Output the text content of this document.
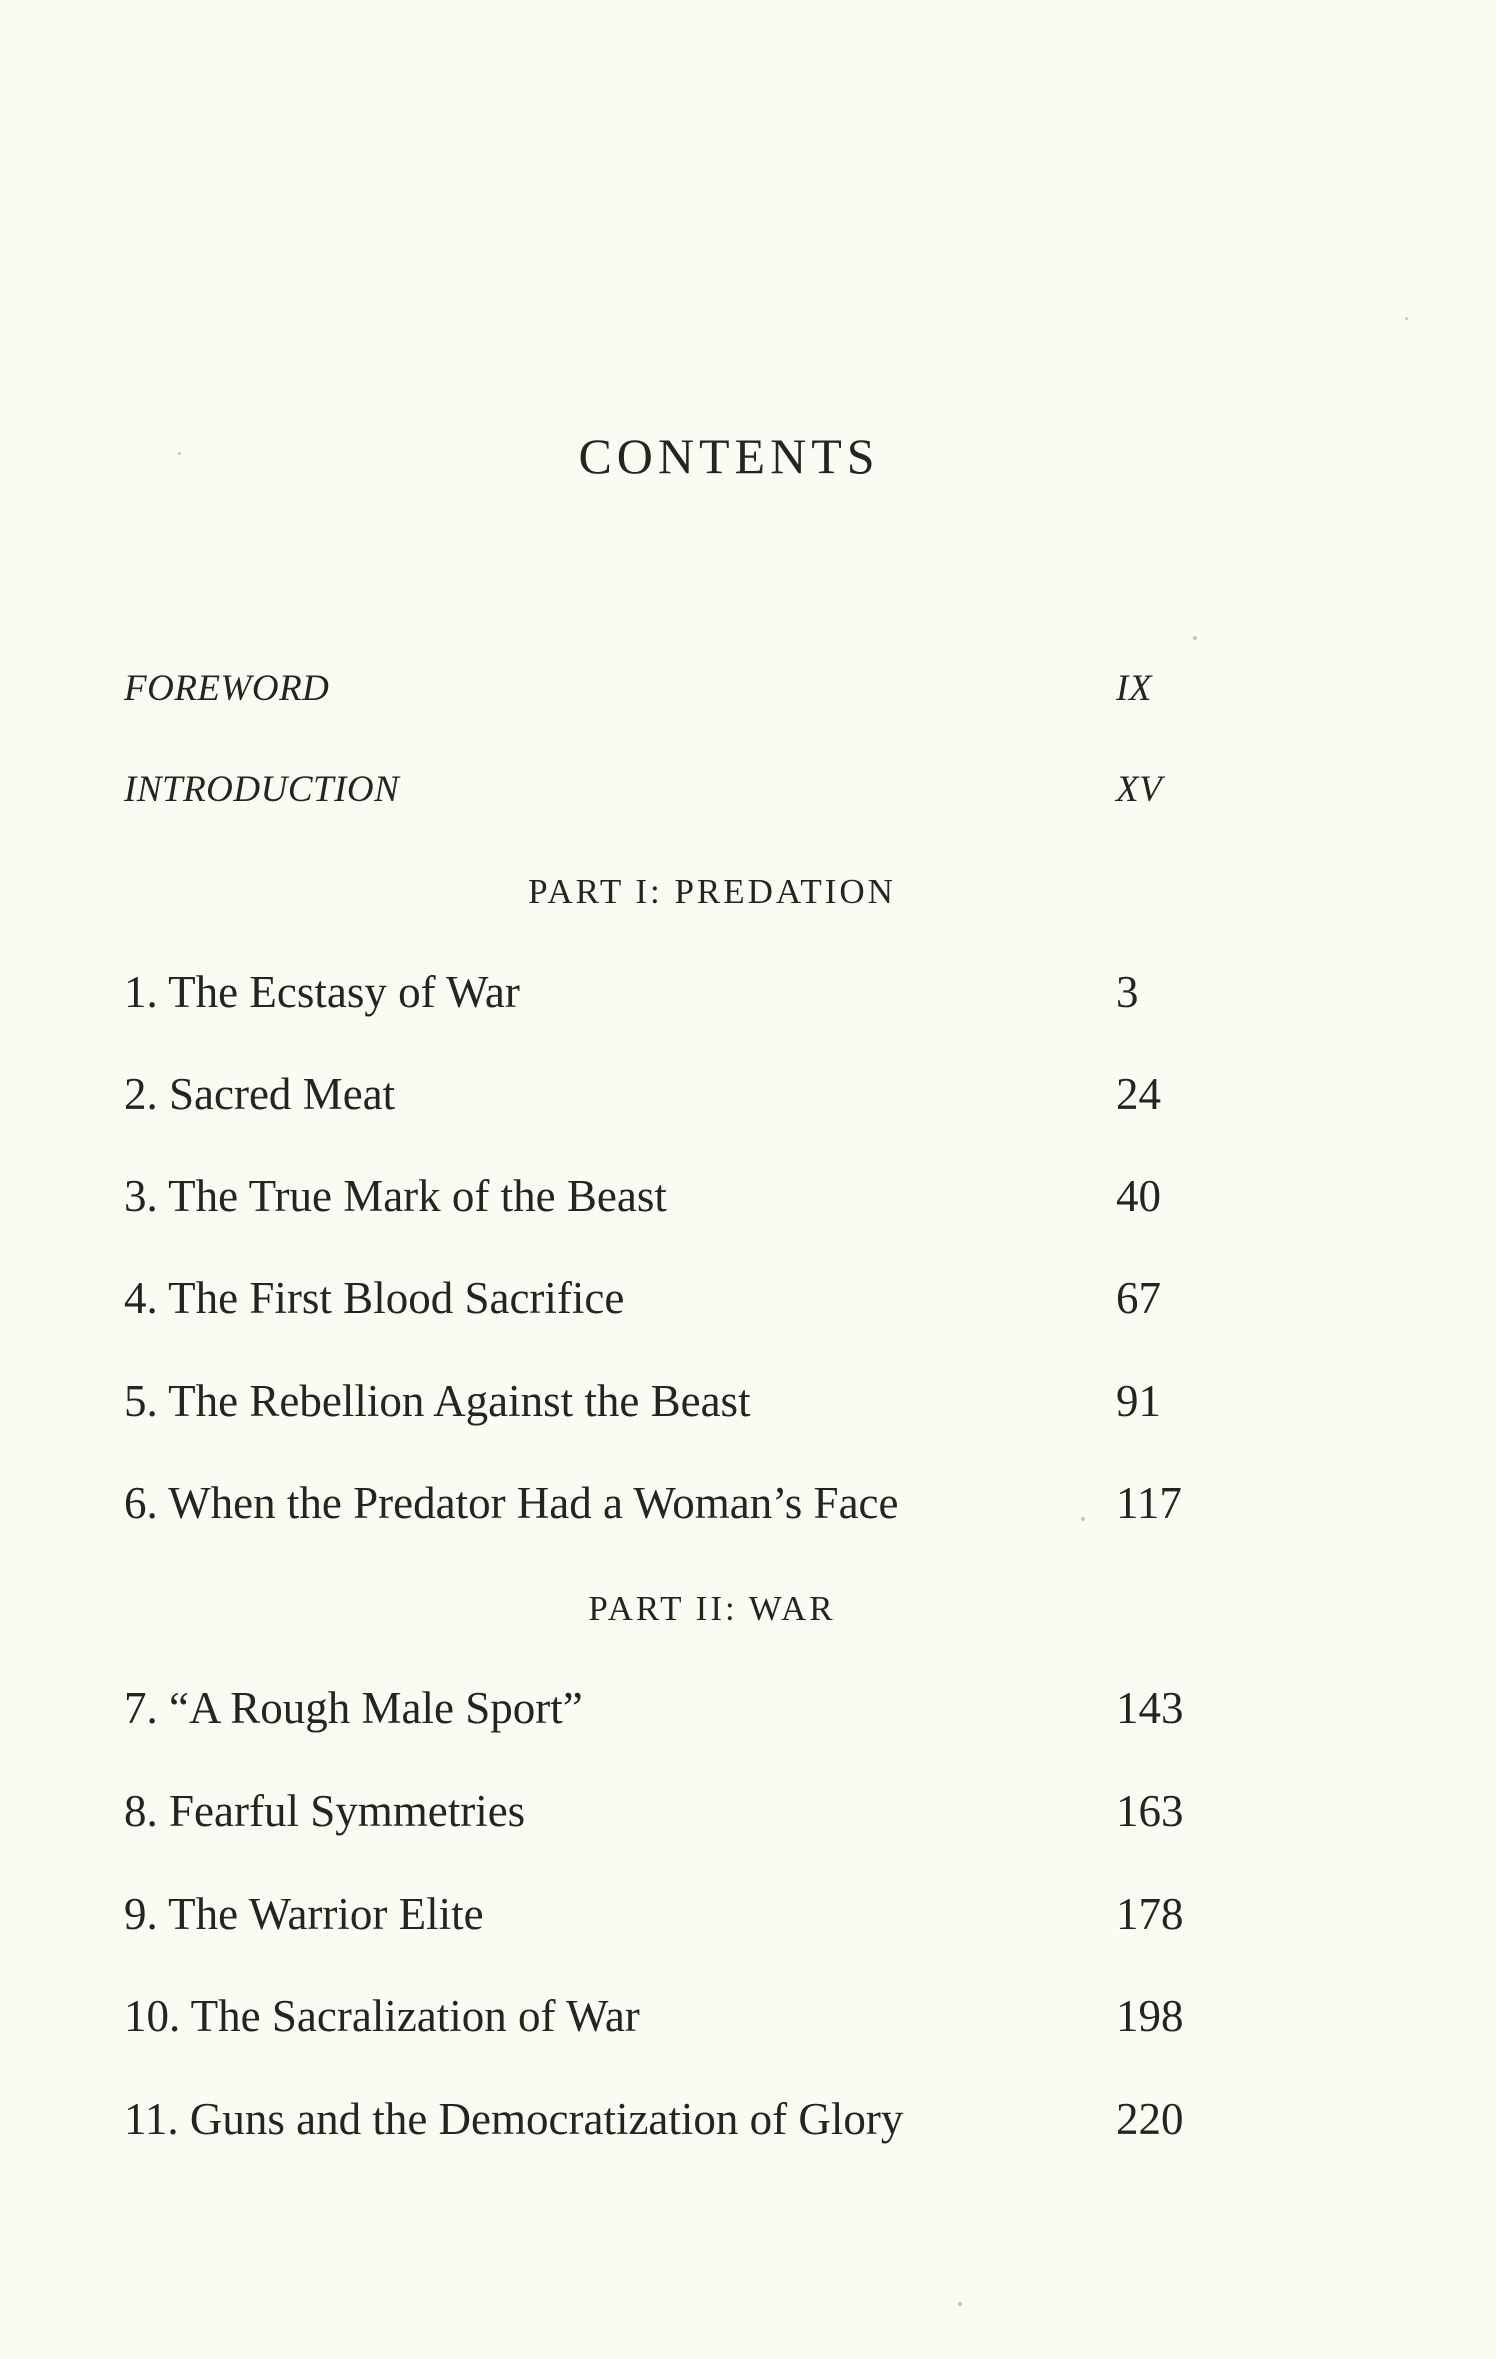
CONTENTS
FOREWORD	IX
INTRODUCTION	XV
PART I: PREDATION
1. The Ecstasy of War	3
2. Sacred Meat	24
3. The True Mark of the Beast	40
4. The First Blood Sacrifice	67
5. The Rebellion Against the Beast	91
6. When the Predator Had a Woman’s Face	117
PART II: WAR
7. “A Rough Male Sport”	143
8. Fearful Symmetries	163
9. The Warrior Elite	178
10. The Sacralization of War	198
11. Guns and the Democratization of Glory	220
